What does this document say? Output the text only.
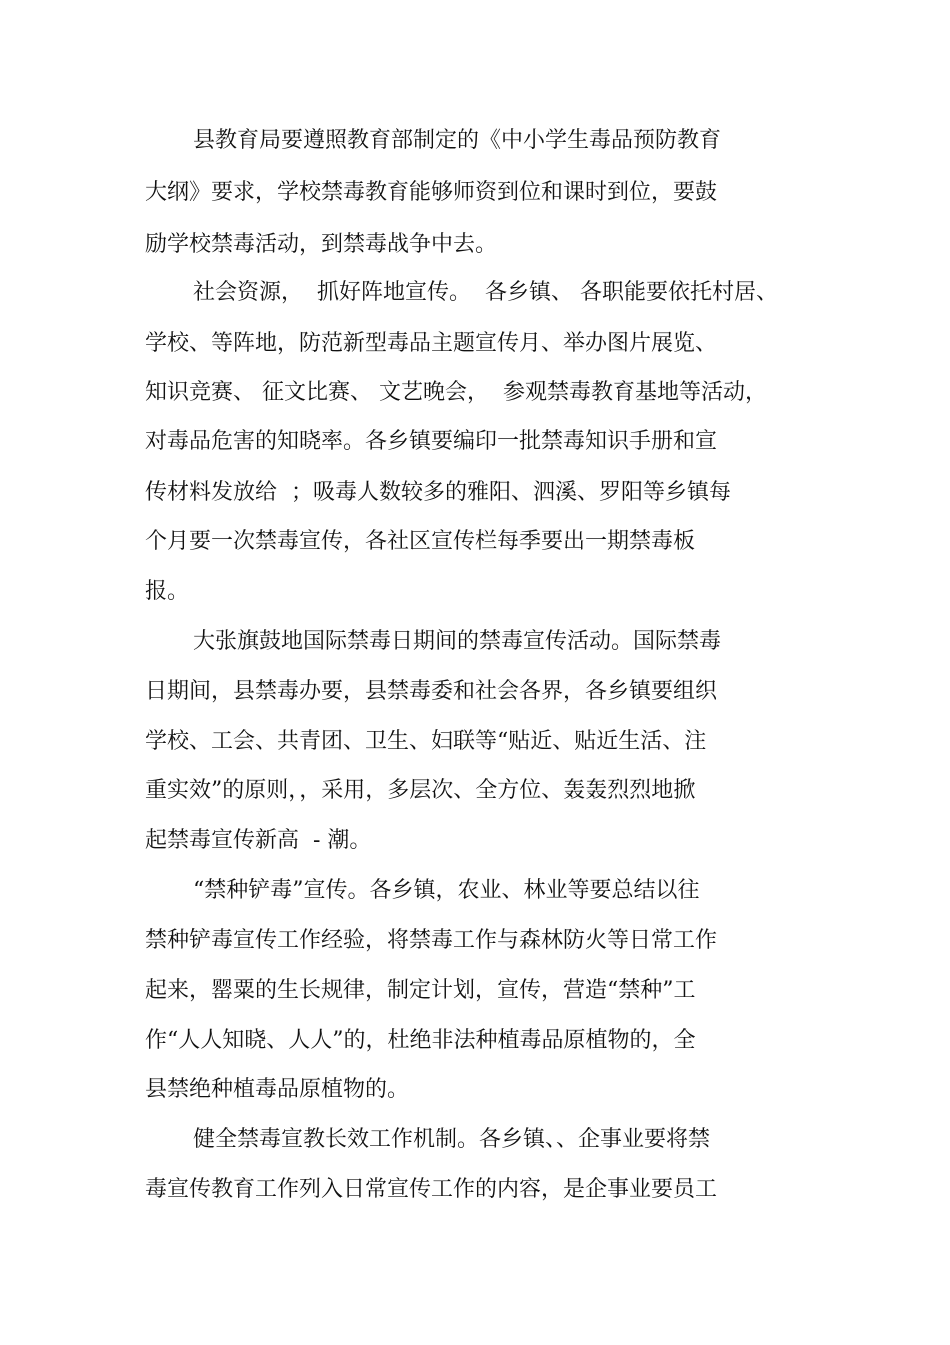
县教育局要遵照教育部制定的《中小学生毒品预防教育
大纲》要求，学校禁毒教育能够师资到位和课时到位，要鼓
励学校禁毒活动，到禁毒战争中去。
社会资源，  抓好阵地宣传。  各乡镇、 各职能要依托村居、
学校、等阵地，防范新型毒品主题宣传月、举办图片展览、
知识竞赛、 征文比赛、 文艺晚会，  参观禁毒教育基地等活动，
对毒品危害的知晓率。各乡镇要编印一批禁毒知识手册和宣
传材料发放给  ；吸毒人数较多的雅阳、泗溪、罗阳等乡镇每
个月要一次禁毒宣传，各社区宣传栏每季要出一期禁毒板
报。
大张旗鼓地国际禁毒日期间的禁毒宣传活动。国际禁毒
日期间，县禁毒办要，县禁毒委和社会各界，各乡镇要组织
学校、工会、共青团、卫生、妇联等“贴近、贴近生活、注
重实效”的原则，，采用，多层次、全方位、轰轰烈烈地掀
起禁毒宣传新高  - 潮。
“禁种铲毒”宣传。各乡镇，农业、林业等要总结以往
禁种铲毒宣传工作经验，将禁毒工作与森林防火等日常工作
起来，罂粟的生长规律，制定计划，宣传，营造“禁种”工
作“人人知晓、人人”的，杜绝非法种植毒品原植物的，全
县禁绝种植毒品原植物的。
健全禁毒宣教长效工作机制。各乡镇、、企事业要将禁
毒宣传教育工作列入日常宣传工作的内容，是企事业要员工
